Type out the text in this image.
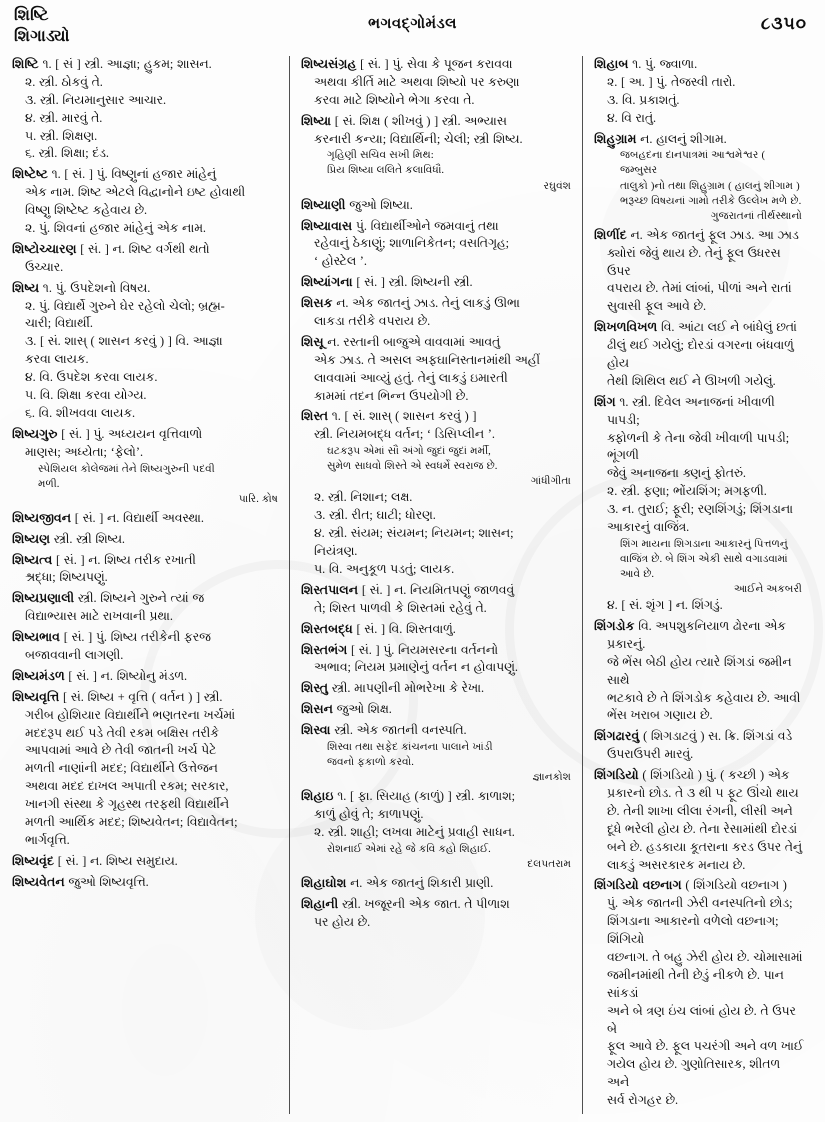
શિષ્ટિ
શિગાડ્યો
ભગવદ્ગોમંડલ	૮૩૫૦

શિષ્ટિ ૧. [ સં ] સ્ત્રી. આજ્ઞા; હુકમ; શાસન.

૨. સ્ત્રી. ઠોકવું તે.

૩. સ્ત્રી. નિયમાનુસાર આચાર.

૪. સ્ત્રી. મારવું તે.

૫. સ્ત્રી. શિક્ષણ.

૬. સ્ત્રી. શિક્ષા; દંડ.

શિષ્ટેષ્ટ ૧. [ સં. ] પું. વિષ્ણુનાં હજાર માંહેનું

એક નામ. શિષ્ટ એટલે વિદ્વાનોને ઇષ્ટ હોવાથી

વિષ્ણુ શિષ્ટેષ્ટ કહેવાય છે.

૨. પું. શિવનાં હજાર માંહેનું એક નામ.

શિષ્ટોચ્ચારણ [ સં. ] ન. શિષ્ટ વર્ગથી થતો

ઉચ્ચાર.

શિષ્ય ૧. પું. ઉપદેશનો વિષય.

૨. પું. વિદ્યાર્થે ગુરુને ઘેર રહેલો ચેલો; બ્રહ્મ-

ચારી; વિદ્યાર્થી.

૩. [ સં. શાસ્ ( શાસન કરવું ) ] વિ. આજ્ઞા

કરવા લાયક.

૪. વિ. ઉપદેશ કરવા લાયક.

૫. વિ. શિક્ષા કરવા યોગ્ય.

૬. વિ. શીખવવા લાયક.

શિષ્યગુરુ [ સં. ] પું. અધ્યયન વૃત્તિવાળો

માણસ; અધ્યેતા; ‘ફેલો’.

સ્પેશિયલ કોલેજમાં તેને શિષ્યગુરુની પદવી

મળી.

પારિ. કોષ

શિષ્યજીવન [ સં. ] ન. વિદ્યાર્થી અવસ્થા.

શિષ્યણ સ્ત્રી. સ્ત્રી શિષ્ય.

શિષ્યત્વ [ સં. ] ન. શિષ્ય તરીક રખાતી

શ્રદ્ધા; શિષ્યપણું.

શિષ્યપ્રણાલી સ્ત્રી. શિષ્યને ગુરુને ત્યાં જ

વિદ્યાભ્યાસ માટે રાખવાની પ્રથા.

શિષ્યભાવ [ સં. ] પું. શિષ્ય તરીકેની ફરજ

બજાવવાની લાગણી.

શિષ્યમંડળ [ સં. ] ન. શિષ્યોનુ મંડળ.

શિષ્યવૃત્તિ [ સં. શિષ્ય + વૃત્તિ ( વર્તન ) ] સ્ત્રી.

ગરીબ હોશિયાર વિદ્યાર્થીને ભણતરના ખર્ચમાં

મદદરૂપ થઈ પડે તેવી રકમ બક્ષિસ તરીકે

આપવામાં આવે છે તેવી જાતની ખર્ચ પેટે

મળતી નાણાંની મદદ; વિદ્યાર્થીને ઉત્તેજન

અથવા મદદ દાખલ અપાતી રકમ; સરકાર,

ખાનગી સંસ્થા કે ગૃહસ્થ તરફથી વિદ્યાર્થીને

મળતી આર્થિક મદદ; શિષ્યવેતન; વિદ્યાવેતન;

ભાર્ગવૃત્તિ.

શિષ્યવૃંદ [ સં. ] ન. શિષ્ય સમુદાય.

શિષ્યવેતન જુઓ શિષ્યવૃત્તિ.

શિષ્યસંગ્રહ [ સં. ] પું. સેવા કે પૂજન કરાવવા

અથવા કીર્તિ માટે અથવા શિષ્યો પર કરુણા

કરવા માટે શિષ્યોને ભેગા કરવા તે.

શિષ્યા [ સં. શિક્ષ ( શીખવું ) ] સ્ત્રી. અભ્યાસ

કરનારી કન્યા; વિદ્યાર્થિની; ચેલી; સ્ત્રી શિષ્ય.

ગૃહિણી સચિવ સખી મિથ:

પ્રિય શિષ્યા લલિતે કલાવિધૌ.

રઘુવંશ

શિષ્યાણી જુઓ શિષ્યા.

શિષ્યાવાસ પું. વિદ્યાર્થીઓને જમવાનું તથા

રહેવાનું ઠેકાણું; શાળાનિકેતન; વસતિગૃહ;

‘ હોસ્ટેલ ’.

શિષ્યાંગના [ સં. ] સ્ત્રી. શિષ્યની સ્ત્રી.

શિસક ન. એક જાતનું ઝાડ. તેનું લાકડું ઊભા

લાકડા તરીકે વપરાય છે.

શિસૂ ન. રસ્તાની બાજુએ વાવવામાં આવતું

એક ઝાડ. તે અસલ અફઘાનિસ્તાનમાંથી અહીં

લાવવામાં આવ્યું હતું. તેનું લાકડું ઇમારતી

કામમાં તદન ભિન્ન ઉપયોગી છે.

શિસ્ત ૧. [ સં. શાસ્ ( શાસન કરવું ) ]

સ્ત્રી. નિયમબદ્ધ વર્તન; ‘ ડિસિપ્લીન ’.

ઘટકરૂપ એમાં સૌ અંગો જુદાં જુદાં મર્મી,

સુમેળ સાધવો શિસ્તે એ સ્વધર્મે સ્વરાજ છે.

ગાંધીગીતા

૨. સ્ત્રી. નિશાન; લક્ષ.

૩. સ્ત્રી. રીત; ઘાટી; ધોરણ.

૪. સ્ત્રી. સંયમ; સંયમન; નિયમન; શાસન;

નિયંત્રણ.

૫. વિ. અનુકૂળ પડતું; લાયક.

શિસ્તપાલન [ સં. ] ન. નિયમિતપણું જાળવવું

તે; શિસ્ત પાળવી કે શિસ્તમાં રહેવું તે.

શિસ્તબદ્ધ [ સં. ] વિ. શિસ્તવાળું.

શિસ્તભંગ [ સં. ] પું. નિયમસરના વર્તનનો

અભાવ; નિયમ પ્રમાણેનું વર્તન ન હોવાપણું.

શિસ્તુ સ્ત્રી. માપણીની મોભરેખા કે રેખા.

શિસન જુઓ શિક્ષ.

શિસ્વા સ્ત્રી. એક જાતની વનસ્પતિ.

શિસ્વા તથા સફેદ કાંચનના પાલાને ખાંડી

જવનો ફકાળો કરવો.

જ્ઞાનકોશ

શિહાઇ ૧. [ ફા. સિયાહ (કાળું) ] સ્ત્રી. કાળાશ;

કાળું હોવું તે; કાળાપણું.

૨. સ્ત્રી. શાહી; લખવા માટેનું પ્રવાહી સાધન.

રોશનાઈ એમાં રહે જે કવિ કહો શિહાઈ.

દલપતરામ

શિહાઘોશ ન. એક જાતનું શિકારી પ્રાણી.

શિહાની સ્ત્રી. ખજૂરની એક જાત. તે પીળાશ

પર હોય છે.

શિહાબ ૧. પું. જ્વાળા.

૨. [ અ. ] પું. તેજસ્વી તારો.

૩. વિ. પ્રકાશતું.

૪. વિ રાતું.

શિહુગ્રામ ન. હાલનું શીગામ.

જબહદના દાનપાત્રમાં આશ્વમેશ્વર ( જમ્બુસર

તાલુકો )નો તથા શિહુગ્રામ ( હાલનું શીગામ )

ભરૂચ્છ વિષયનાં ગામો તરીકે ઉલ્લેખ મળે છે.

ગુજરાતનાં તીર્થસ્થાનો

શિળીંદ ન. એક જાતનું ફૂલ ઝાડ. આ ઝાડ

ક્યોરાં જેવું થાય છે. તેનું ફૂલ ઉધરસ ઉપર

વપરાય છે. તેમાં લાંબાં, પીળાં અને રાતાં

સુવાસી ફૂલ આવે છે.

શિખળવિખળ વિ. આંટા લઈ ને બાંધેલું છતાં

ઢીલું થઈ ગયેલું; દોરડાં વગરના બંધવાળું હોય

તેથી શિથિલ થઈ ને ઊખળી ગયેલું.

શિંગ ૧. સ્ત્રી. દિવેલ અનાજનાં ખીવાળી પાપડી;

ક્ફોળની કે તેના જેવી ખીવાળી પાપડી; ભૂંગળી

જેવું અનાજના ક્ણનું ફોતરું.

૨. સ્ત્રી. ફણા; ભોંયશિંગ; મગફળી.

૩. ન. તુરાઈ; ફૂરી; રણશિંગડું; શિંગડાના

આકારનું વાજિંત્ર.

શિંગ માયના શિગડાના આકારનું પિત્તળનું

વાજિંત્ર છે. બે શિંગ એકી સાથે વગાડવામાં

આવે છે.

આઈને અકબરી

૪. [ સં. શૃંગ ] ન. શિંગડું.

શિંગડોક વિ. અપશુકનિયાળ ઢોરના એક પ્રકારનું.

જે ભેંસ બેઠી હોય ત્યારે શિંગડાં જમીન સાથે

ભટકાવે છે તે શિંગડોક કહેવાય છે. આવી

ભેંસ ખરાબ ગણાય છે.

શિંગઢારવું ( શિગડાટવું ) સ. ક્રિ. શિંગડાં વડે

ઉપરાઉપરી મારવું.

શિંગડિયો ( શિંગડિયો ) પું. ( કચ્છી ) એક

પ્રકારનો છોડ. તે ૩ થી ૫ ફૂટ ઊંચો થાય

છે. તેની શાખા લીલા રંગની, લીસી અને

દૂધે ભરેલી હોય છે. તેના રેસામાંથી દોરડાં

બને છે. હડકાયા કૂતરાના કરડ ઉપર તેનું

લાકડું અસરકારક મનાય છે.

શિંગડિયો વછનાગ ( શિંગડિયો વછનાગ )

પું. એક જાતની ઝેરી વનસ્પતિનો છોડ;

શિંગડાના આકારનો વળેલો વછનાગ; શિંગિયો

વછનાગ. તે બહુ ઝેરી હોય છે. ચોમાસામાં

જમીનમાંથી તેની છેડું નીકળે છે. પાન સાંકડાં

અને બે ત્રણ ઇંચ લાંબાં હોય છે. તે ઉપર બે

ફૂલ આવે છે. ફૂલ પચરંગી અને વળ ખાઈ

ગયેલ હોય છે. ગુણોતિસારક, શીતળ અને

સર્વ રોગહર છે.
